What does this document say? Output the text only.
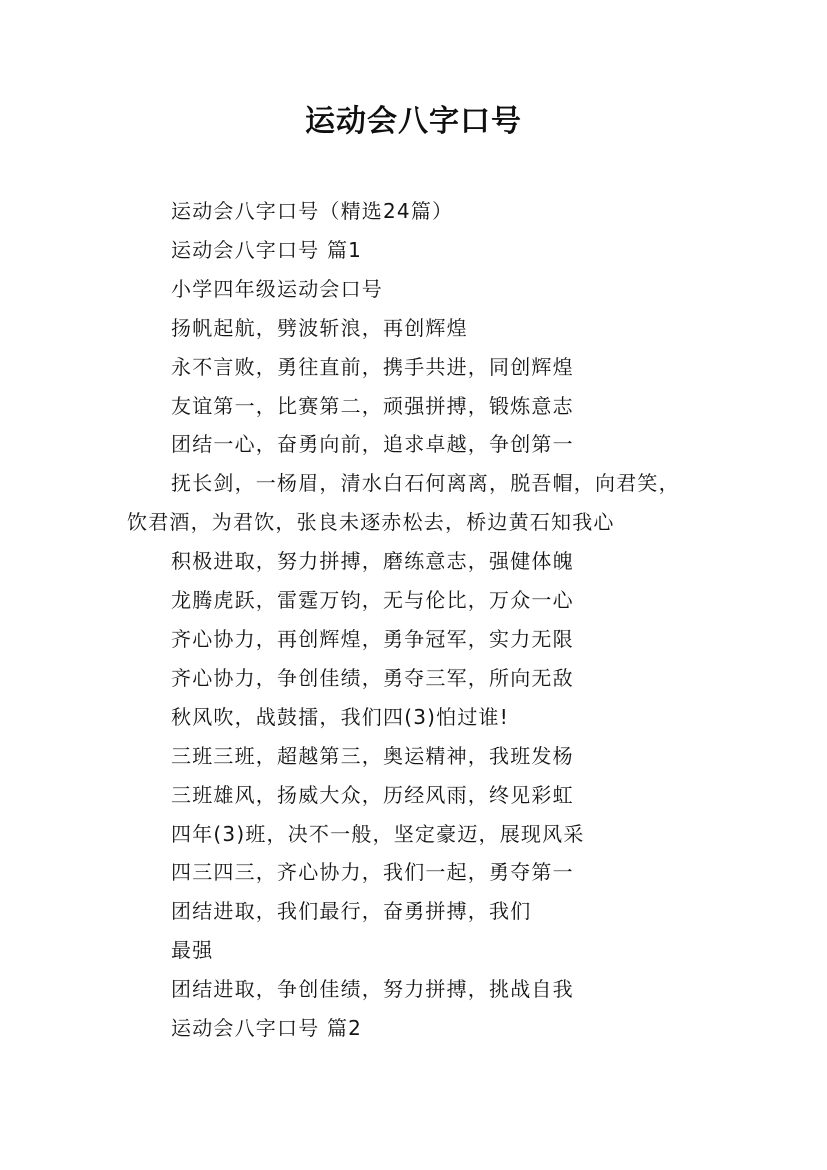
运动会八字口号

运动会八字口号（精选24篇）

运动会八字口号 篇1

小学四年级运动会口号

扬帆起航，劈波斩浪，再创辉煌

永不言败，勇往直前，携手共进，同创辉煌

友谊第一，比赛第二，顽强拼搏，锻炼意志

团结一心，奋勇向前，追求卓越，争创第一

抚长剑，一杨眉，清水白石何离离，脱吾帽，向君笑，

饮君酒，为君饮，张良未逐赤松去，桥边黄石知我心

积极进取，努力拼搏，磨练意志，强健体魄

龙腾虎跃，雷霆万钧，无与伦比，万众一心

齐心协力，再创辉煌，勇争冠军，实力无限

齐心协力，争创佳绩，勇夺三军，所向无敌

秋风吹，战鼓擂，我们四(3)怕过谁!

三班三班，超越第三，奥运精神，我班发杨

三班雄风，扬威大众，历经风雨，终见彩虹

四年(3)班，决不一般，坚定豪迈，展现风采

四三四三，齐心协力，我们一起，勇夺第一

团结进取，我们最行，奋勇拼搏，我们

最强

团结进取，争创佳绩，努力拼搏，挑战自我

运动会八字口号 篇2
